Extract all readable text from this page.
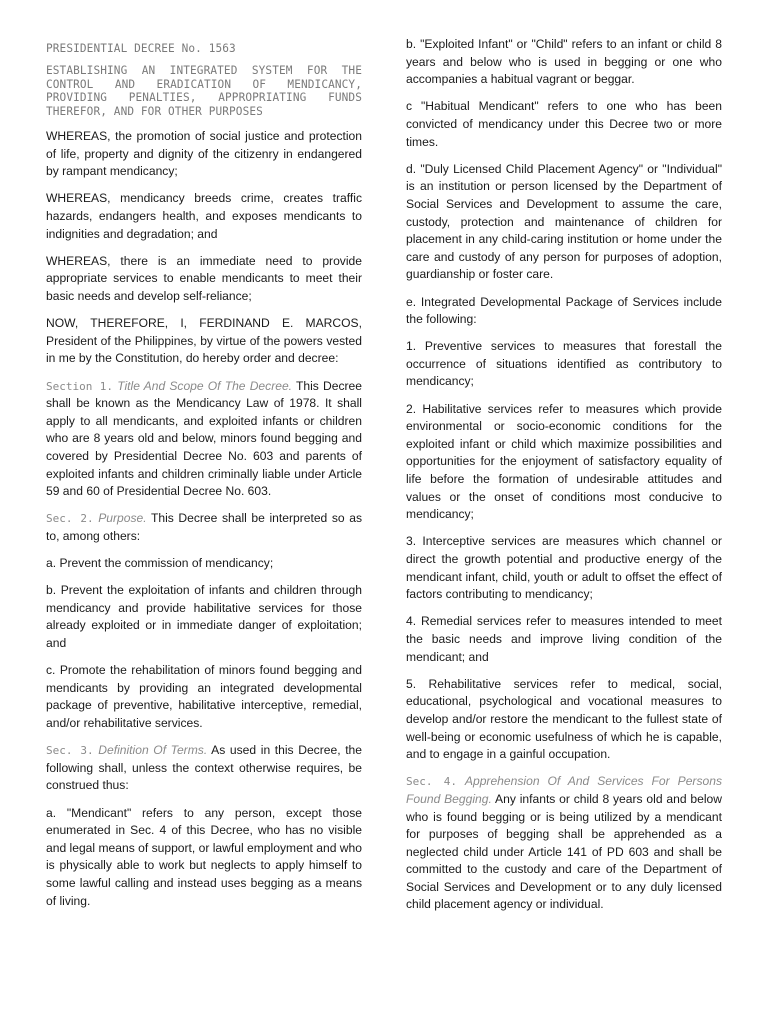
PRESIDENTIAL DECREE No. 1563
ESTABLISHING AN INTEGRATED SYSTEM FOR THE CONTROL AND ERADICATION OF MENDICANCY, PROVIDING PENALTIES, APPROPRIATING FUNDS THEREFOR, AND FOR OTHER PURPOSES

WHEREAS, the promotion of social justice and protection of life, property and dignity of the citizenry in endangered by rampant mendicancy;

WHEREAS, mendicancy breeds crime, creates traffic hazards, endangers health, and exposes mendicants to indignities and degradation; and

WHEREAS, there is an immediate need to provide appropriate services to enable mendicants to meet their basic needs and develop self-reliance;

NOW, THEREFORE, I, FERDINAND E. MARCOS, President of the Philippines, by virtue of the powers vested in me by the Constitution, do hereby order and decree:

Section 1. Title And Scope Of The Decree. This Decree shall be known as the Mendicancy Law of 1978. It shall apply to all mendicants, and exploited infants or children who are 8 years old and below, minors found begging and covered by Presidential Decree No. 603 and parents of exploited infants and children criminally liable under Article 59 and 60 of Presidential Decree No. 603.

Sec. 2. Purpose. This Decree shall be interpreted so as to, among others:

a. Prevent the commission of mendicancy;

b. Prevent the exploitation of infants and children through mendicancy and provide habilitative services for those already exploited or in immediate danger of exploitation; and

c. Promote the rehabilitation of minors found begging and mendicants by providing an integrated developmental package of preventive, habilitative interceptive, remedial, and/or rehabilitative services.

Sec. 3. Definition Of Terms. As used in this Decree, the following shall, unless the context otherwise requires, be construed thus:

a. "Mendicant" refers to any person, except those enumerated in Sec. 4 of this Decree, who has no visible and legal means of support, or lawful employment and who is physically able to work but neglects to apply himself to some lawful calling and instead uses begging as a means of living.

b. "Exploited Infant" or "Child" refers to an infant or child 8 years and below who is used in begging or one who accompanies a habitual vagrant or beggar.

c "Habitual Mendicant" refers to one who has been convicted of mendicancy under this Decree two or more times.

d. "Duly Licensed Child Placement Agency" or "Individual" is an institution or person licensed by the Department of Social Services and Development to assume the care, custody, protection and maintenance of children for placement in any child-caring institution or home under the care and custody of any person for purposes of adoption, guardianship or foster care.

e. Integrated Developmental Package of Services include the following:

1. Preventive services to measures that forestall the occurrence of situations identified as contributory to mendicancy;

2. Habilitative services refer to measures which provide environmental or socio-economic conditions for the exploited infant or child which maximize possibilities and opportunities for the enjoyment of satisfactory equality of life before the formation of undesirable attitudes and values or the onset of conditions most conducive to mendicancy;

3. Interceptive services are measures which channel or direct the growth potential and productive energy of the mendicant infant, child, youth or adult to offset the effect of factors contributing to mendicancy;

4. Remedial services refer to measures intended to meet the basic needs and improve living condition of the mendicant; and

5. Rehabilitative services refer to medical, social, educational, psychological and vocational measures to develop and/or restore the mendicant to the fullest state of well-being or economic usefulness of which he is capable, and to engage in a gainful occupation.

Sec. 4. Apprehension Of And Services For Persons Found Begging. Any infants or child 8 years old and below who is found begging or is being utilized by a mendicant for purposes of begging shall be apprehended as a neglected child under Article 141 of PD 603 and shall be committed to the custody and care of the Department of Social Services and Development or to any duly licensed child placement agency or individual.
